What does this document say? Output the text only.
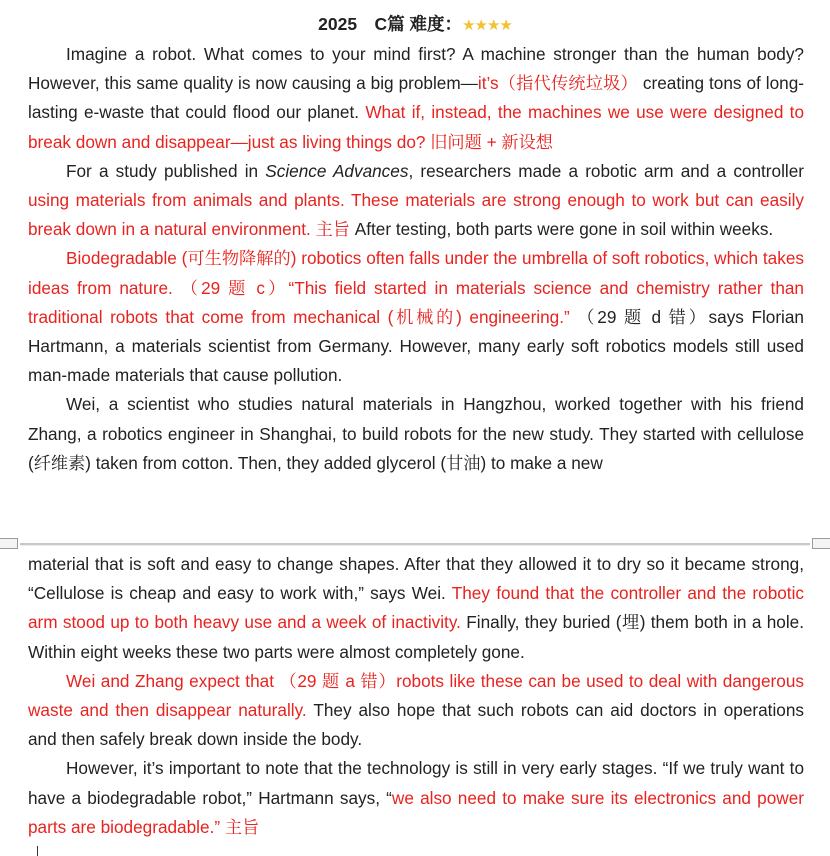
2025　C篇 难度：★★★★

Imagine a robot. What comes to your mind first? A machine stronger than the human body? However, this same quality is now causing a big problem—it’s（指代传统垃圾） creating tons of long-lasting e-waste that could flood our planet. What if, instead, the machines we use were designed to break down and disappear—just as living things do? 旧问题 + 新设想

For a study published in Science Advances, researchers made a robotic arm and a controller using materials from animals and plants. These materials are strong enough to work but can easily break down in a natural environment. 主旨 After testing, both parts were gone in soil within weeks.

Biodegradable (可生物降解的) robotics often falls under the umbrella of soft robotics, which takes ideas from nature. （29 题 c）“This field started in materials science and chemistry rather than traditional robots that come from mechanical (机械的) engineering.” （29 题 d 错）says Florian Hartmann, a materials scientist from Germany. However, many early soft robotics models still used man-made materials that cause pollution.

Wei, a scientist who studies natural materials in Hangzhou, worked together with his friend Zhang, a robotics engineer in Shanghai, to build robots for the new study. They started with cellulose (纤维素) taken from cotton. Then, they added glycerol (甘油) to make a new

material that is soft and easy to change shapes. After that they allowed it to dry so it became strong, “Cellulose is cheap and easy to work with,” says Wei. They found that the controller and the robotic arm stood up to both heavy use and a week of inactivity. Finally, they buried (埋) them both in a hole. Within eight weeks these two parts were almost completely gone.

Wei and Zhang expect that （29 题 a 错）robots like these can be used to deal with dangerous waste and then disappear naturally. They also hope that such robots can aid doctors in operations and then safely break down inside the body.

However, it’s important to note that the technology is still in very early stages. “If we truly want to have a biodegradable robot,” Hartmann says, “we also need to make sure its electronics and power parts are biodegradable.” 主旨
